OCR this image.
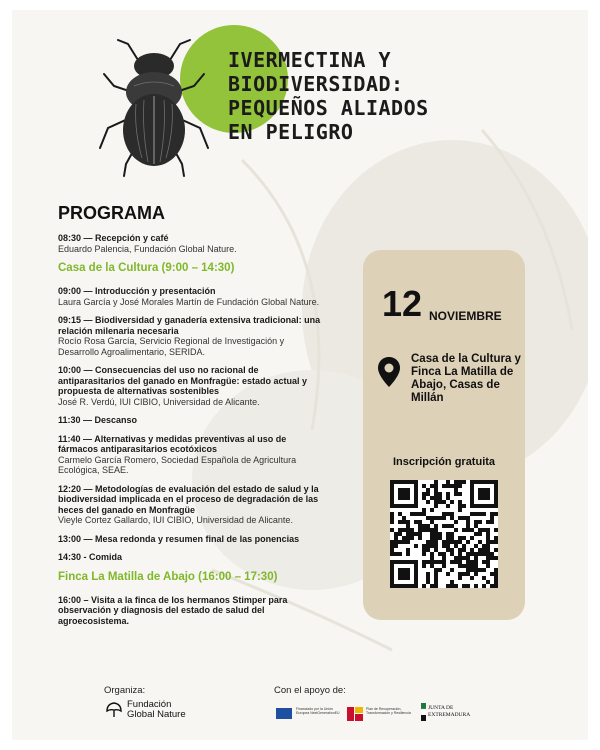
IVERMECTINA Y
BIODIVERSIDAD:
PEQUEÑOS ALIADOS
EN PELIGRO
PROGRAMA
08:30 — Recepción y café
Eduardo Palencia, Fundación Global Nature.
Casa de la Cultura (9:00 – 14:30)
09:00 — Introducción y presentación
Laura García y José Morales Martín de Fundación Global Nature.
09:15 — Biodiversidad y ganadería extensiva tradicional: una relación milenaria necesaria
Rocío Rosa García, Servicio Regional de Investigación y Desarrollo Agroalimentario, SERIDA.
10:00 — Consecuencias del uso no racional de antiparasitarios del ganado en Monfragüe: estado actual y propuesta de alternativas sostenibles
José R. Verdú, IUI CIBIO, Universidad de Alicante.
11:30 — Descanso
11:40 — Alternativas y medidas preventivas al uso de fármacos antiparasitarios ecotóxicos
Carmelo García Romero, Sociedad Española de Agricultura Ecológica, SEAE.
12:20 — Metodologías de evaluación del estado de salud y la biodiversidad implicada en el proceso de degradación de las heces del ganado en Monfragüe
Vieyle Cortez Gallardo, IUI CIBIO, Universidad de Alicante.
13:00 — Mesa redonda y resumen final de las ponencias
14:30 - Comida
Finca La Matilla de Abajo (16:00 – 17:30)
16:00 – Visita a la finca de los hermanos Stimper para observación y diagnosis del estado de salud del agroecosistema.
12 NOVIEMBRE
Casa de la Cultura y Finca La Matilla de Abajo, Casas de Millán
Inscripción gratuita
Organiza:
Fundación
Global Nature
Con el apoyo de:
Financiado por la Unión Europea NextGenerationEU
Plan de Recuperación, Transformación y Resiliencia
JUNTA DE
EXTREMADURA
